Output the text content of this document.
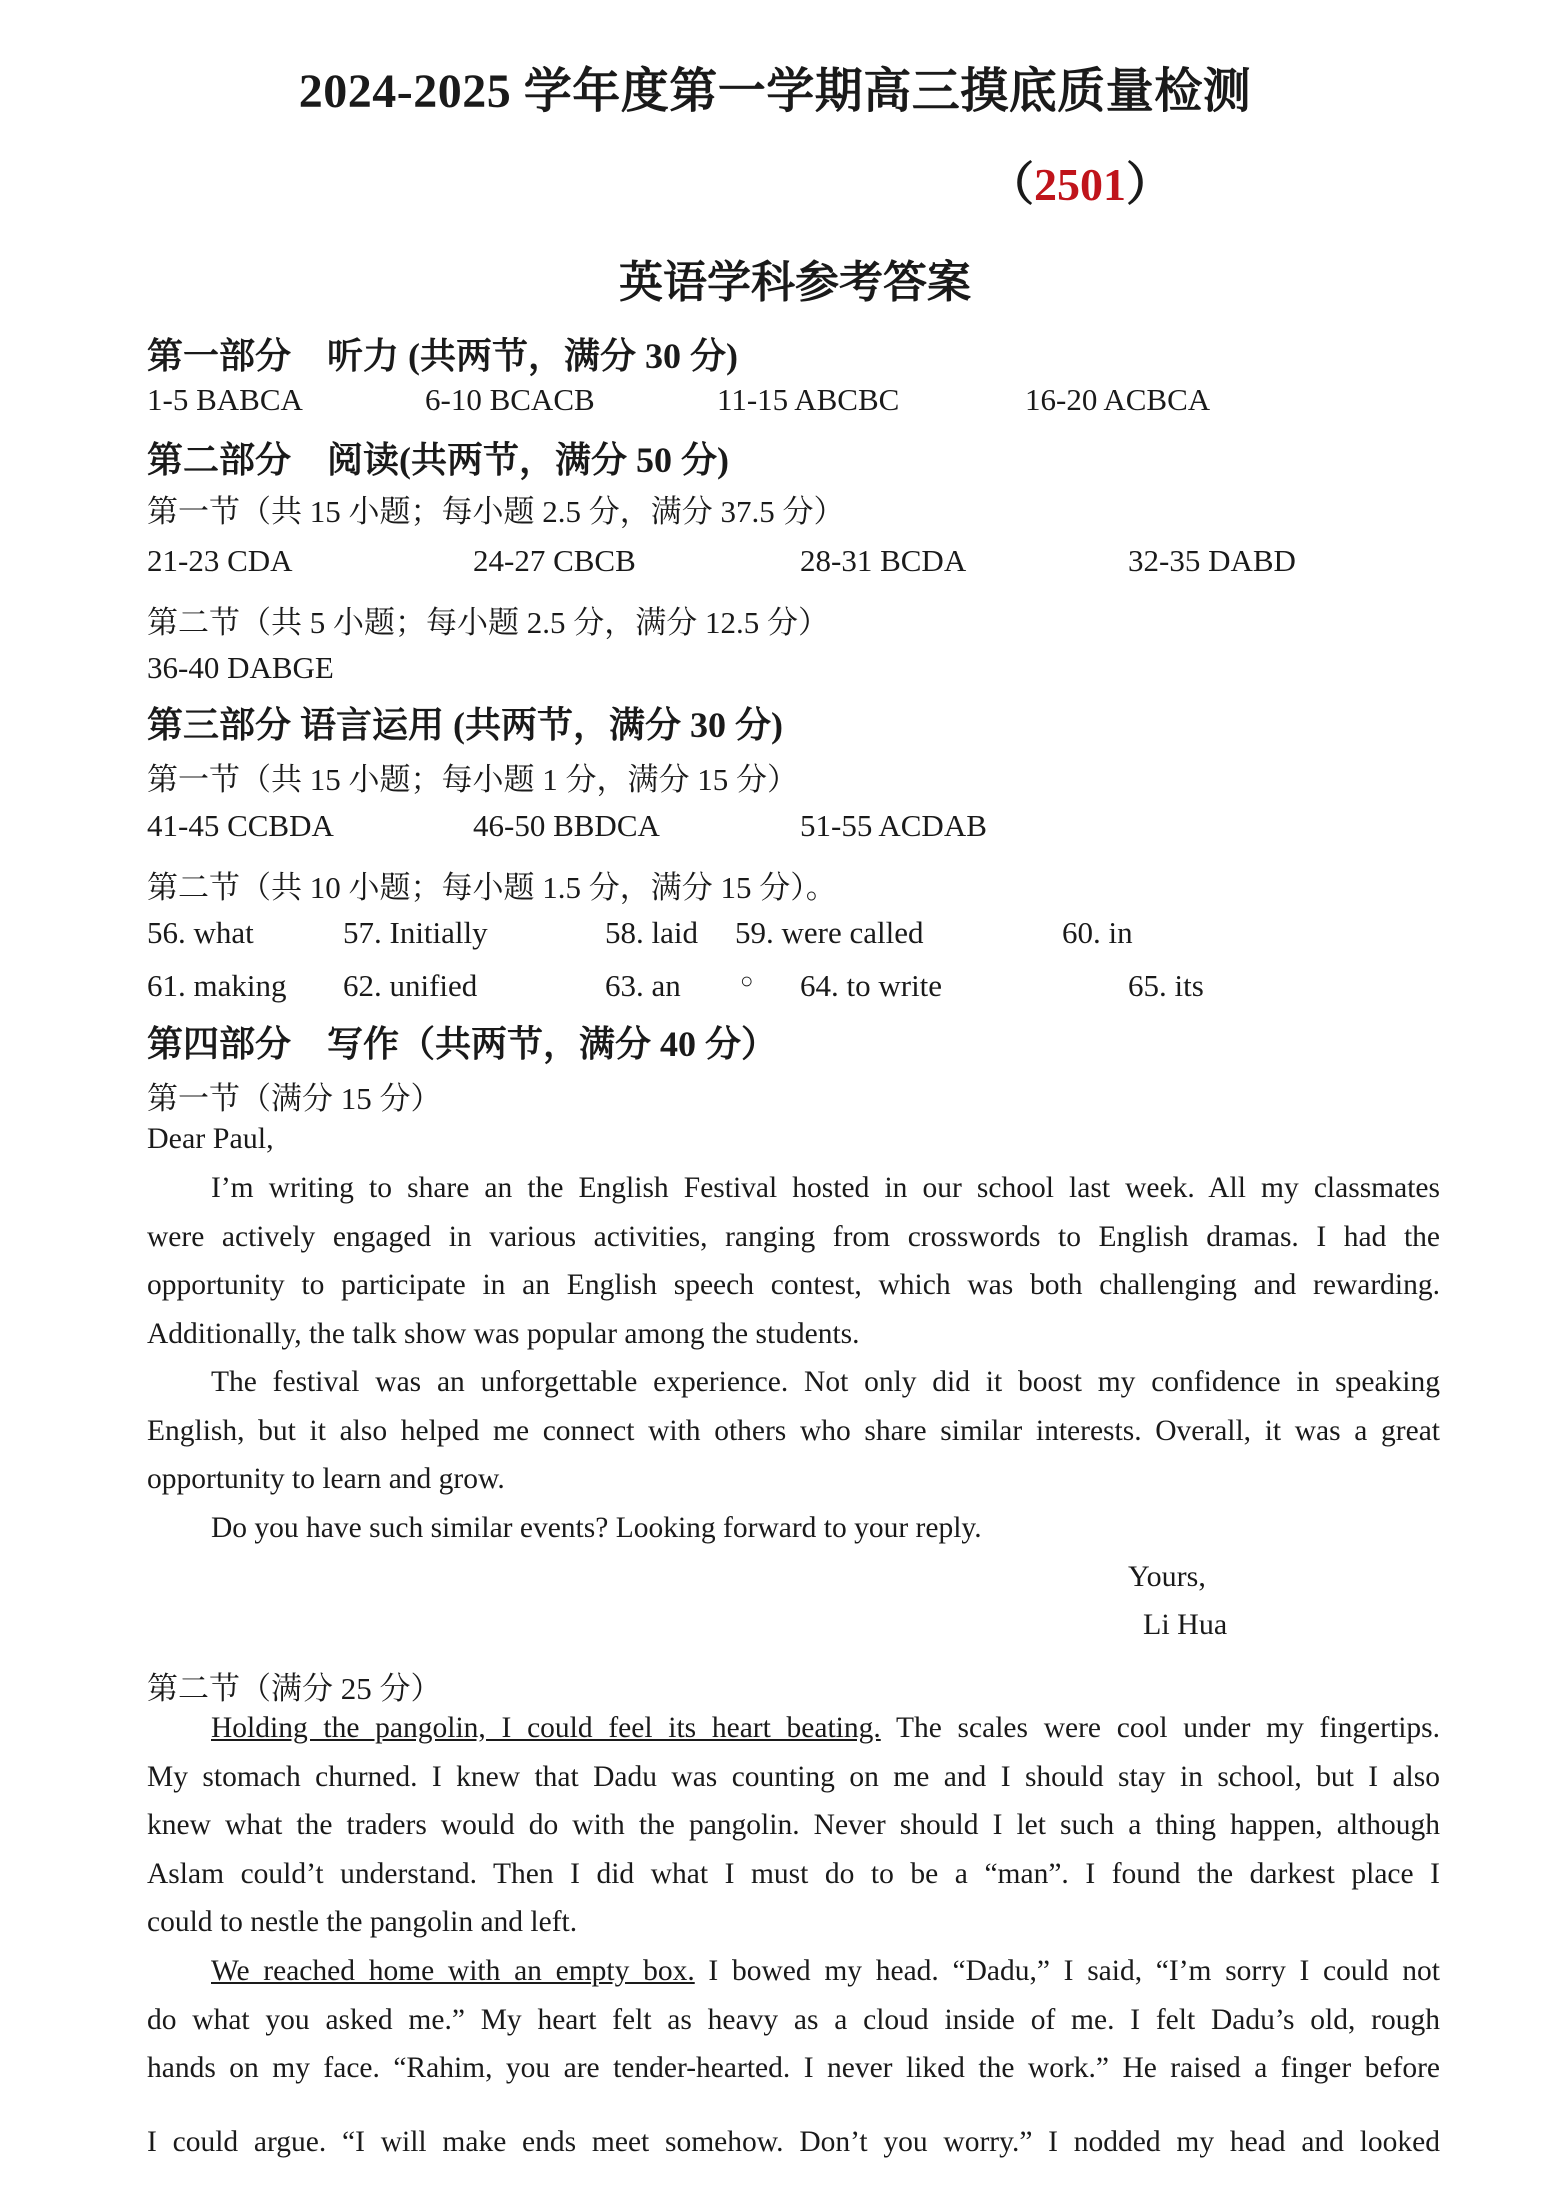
2024-2025 学年度第一学期高三摸底质量检测
（2501）
英语学科参考答案
第一部分　听力 (共两节，满分 30 分)
1-5 BABCA	6-10 BCACB	11-15 ABCBC	16-20 ACBCA
第二部分　阅读(共两节，满分 50 分)
第一节（共 15 小题；每小题 2.5 分，满分 37.5 分）
21-23 CDA	24-27 CBCB	28-31 BCDA	32-35 DABD
第二节（共 5 小题；每小题 2.5 分，满分 12.5 分）
36-40 DABGE
第三部分 语言运用 (共两节，满分 30 分)
第一节（共 15 小题；每小题 1 分，满分 15 分）
41-45 CCBDA	46-50 BBDCA	51-55 ACDAB
第二节（共 10 小题；每小题 1.5 分，满分 15 分）。
56. what	57. Initially	58. laid 59. were called	60. in
61. making 62. unified	63. an	○ 64. to write	65. its
第四部分　写作（共两节，满分 40 分）
第一节（满分 15 分）
Dear Paul,
I’m writing to share an the English Festival hosted in our school last week. All my classmates
were actively engaged in various activities, ranging from crosswords to English dramas. I had the
opportunity to participate in an English speech contest, which was both challenging and rewarding.
Additionally, the talk show was popular among the students.
The festival was an unforgettable experience. Not only did it boost my confidence in speaking
English, but it also helped me connect with others who share similar interests. Overall, it was a great
opportunity to learn and grow.
Do you have such similar events? Looking forward to your reply.
Yours,
Li Hua
第二节（满分 25 分）
Holding the pangolin, I could feel its heart beating. The scales were cool under my fingertips.
My stomach churned. I knew that Dadu was counting on me and I should stay in school, but I also
knew what the traders would do with the pangolin. Never should I let such a thing happen, although
Aslam could’t understand. Then I did what I must do to be a “man”. I found the darkest place I
could to nestle the pangolin and left.
We reached home with an empty box. I bowed my head. “Dadu,” I said, “I’m sorry I could not
do what you asked me.” My heart felt as heavy as a cloud inside of me. I felt Dadu’s old, rough
hands on my face. “Rahim, you are tender-hearted. I never liked the work.” He raised a finger before
I could argue. “I will make ends meet somehow. Don’t you worry.” I nodded my head and looked
